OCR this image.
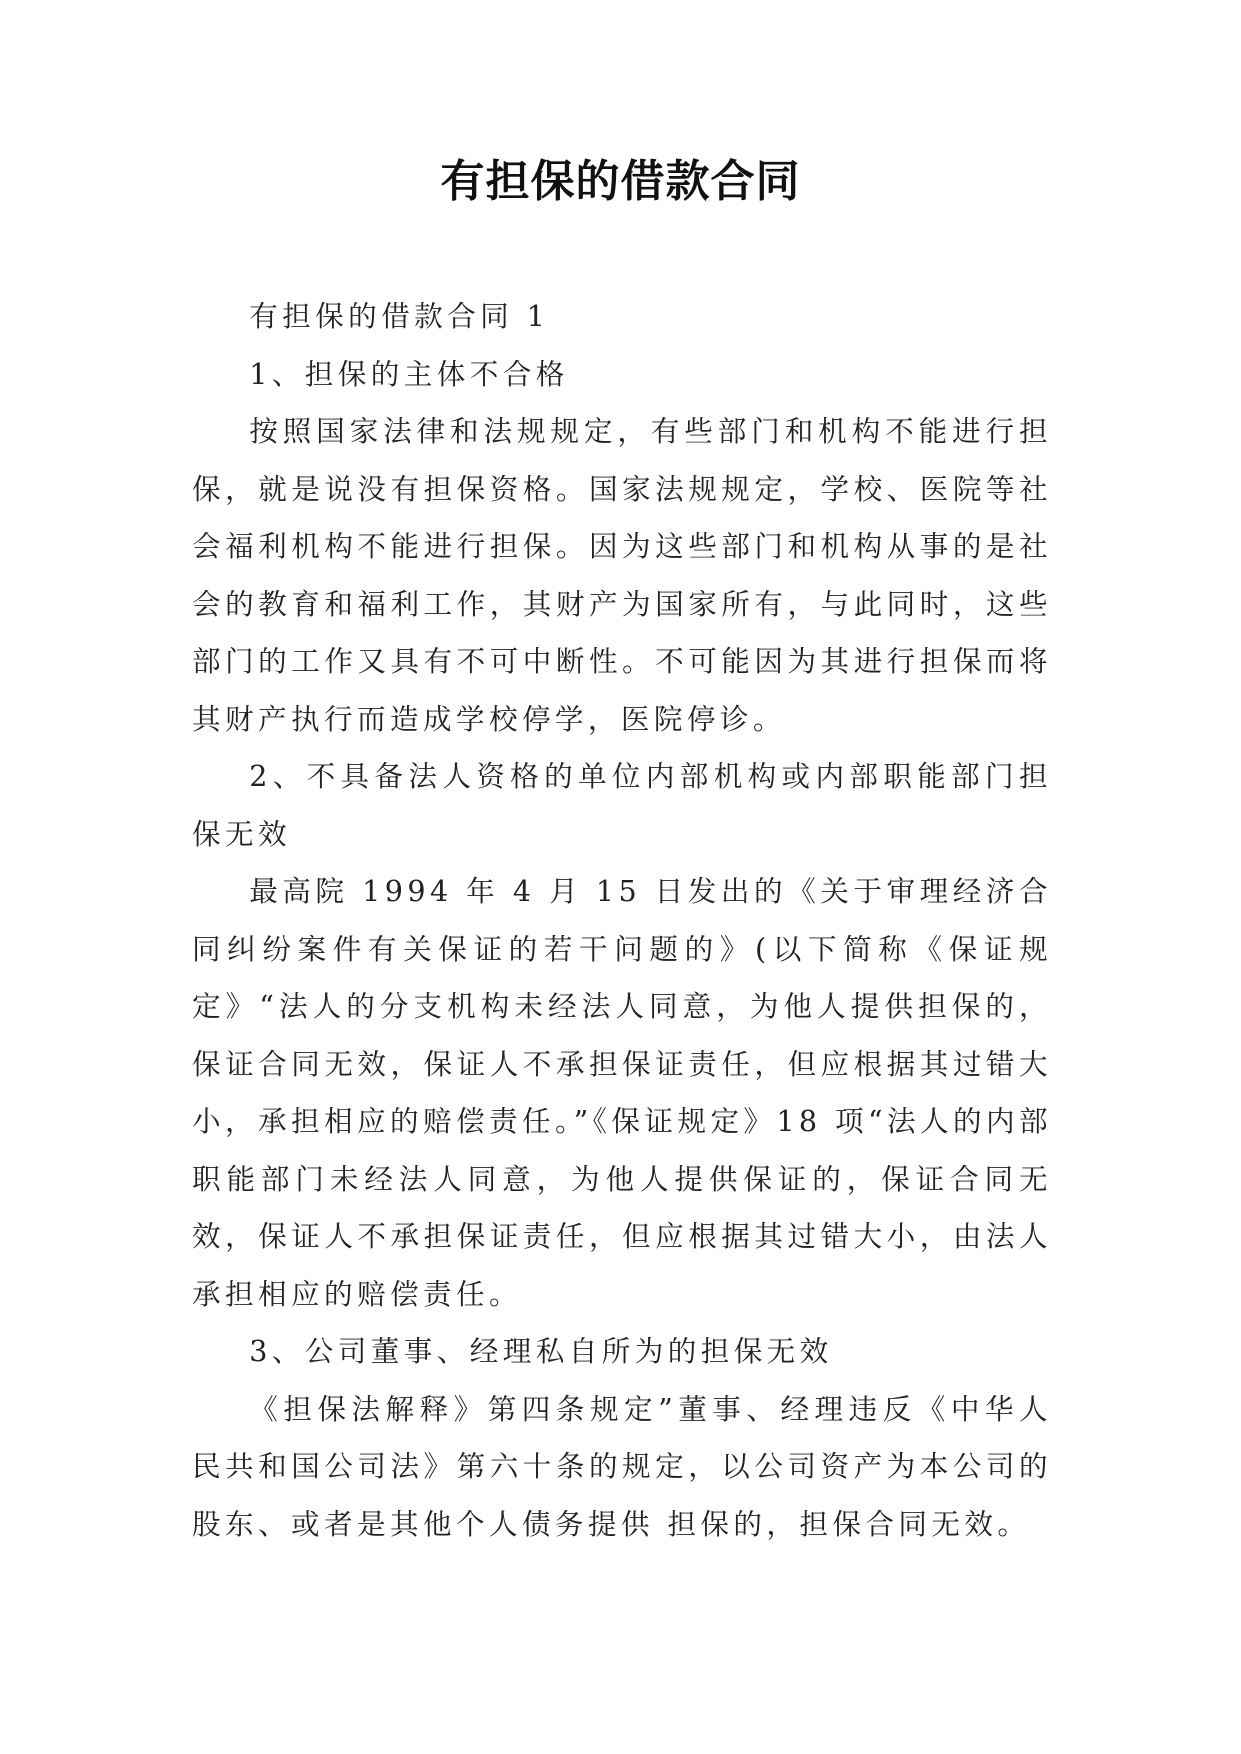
有担保的借款合同

有担保的借款合同 1

1、担保的主体不合格

按照国家法律和法规规定，有些部门和机构不能进行担保，就是说没有担保资格。国家法规规定，学校、医院等社会福利机构不能进行担保。因为这些部门和机构从事的是社会的教育和福利工作，其财产为国家所有，与此同时，这些部门的工作又具有不可中断性。不可能因为其进行担保而将其财产执行而造成学校停学，医院停诊。

2、不具备法人资格的单位内部机构或内部职能部门担保无效

最高院 1994 年 4 月 15 日发出的《关于审理经济合同纠纷案件有关保证的若干问题的》(以下简称《保证规定》“法人的分支机构未经法人同意，为他人提供担保的，保证合同无效，保证人不承担保证责任，但应根据其过错大小，承担相应的赔偿责任。”《保证规定》18 项“法人的内部职能部门未经法人同意，为他人提供保证的，保证合同无效，保证人不承担保证责任，但应根据其过错大小，由法人承担相应的赔偿责任。

3、公司董事、经理私自所为的担保无效

《担保法解释》第四条规定”董事、经理违反《中华人民共和国公司法》第六十条的规定，以公司资产为本公司的股东、或者是其他个人债务提供 担保的，担保合同无效。
